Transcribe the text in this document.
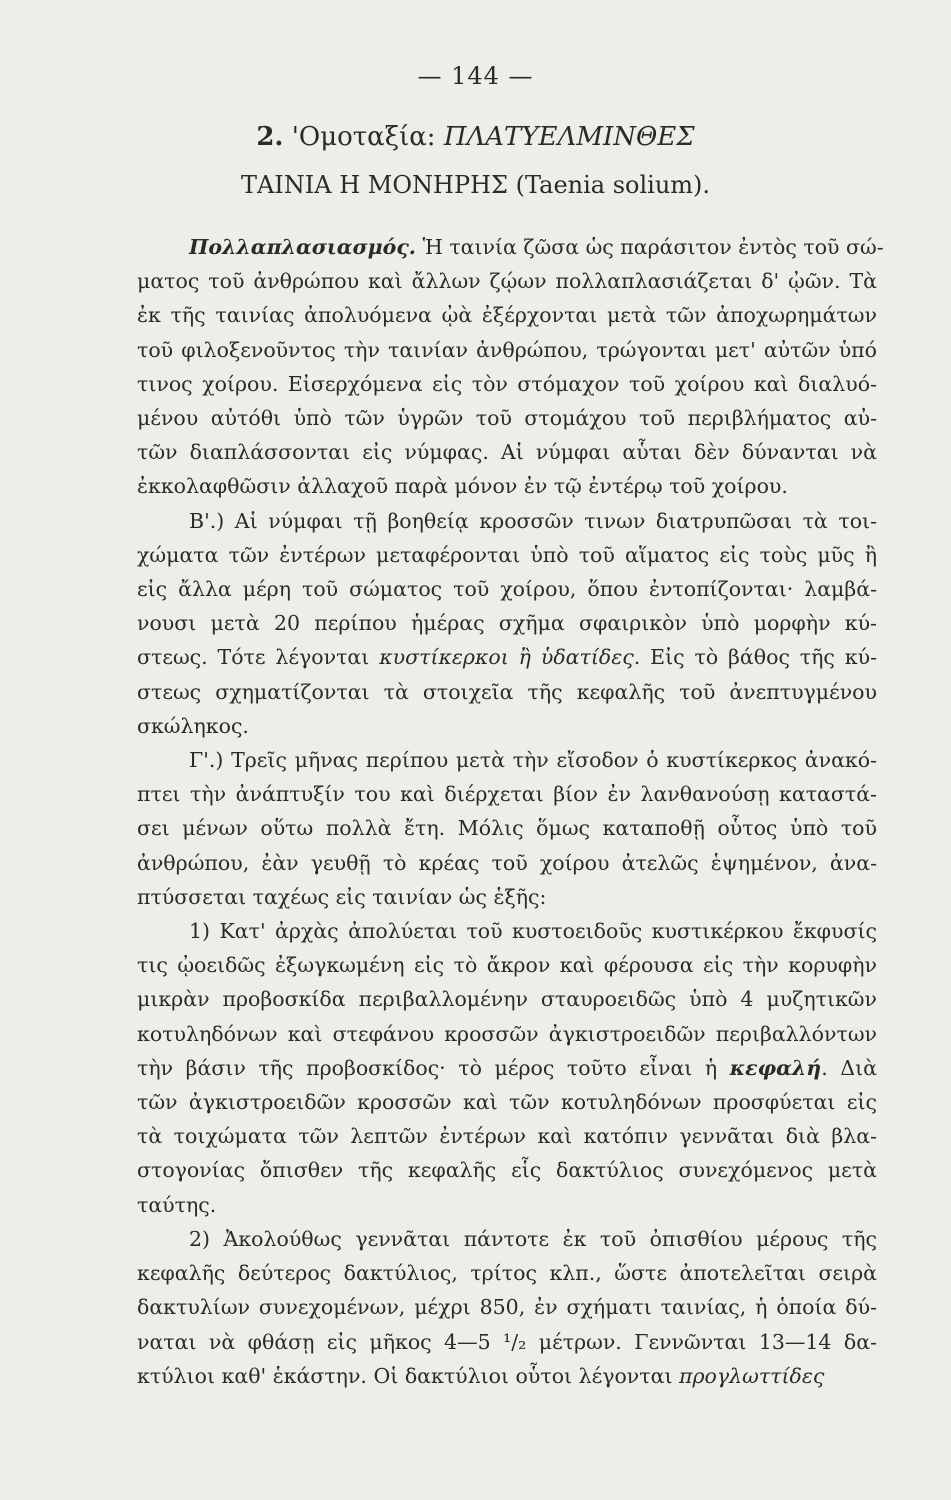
— 144 —
2. 'Ομοταξία: ΠΛΑΤΥΕΛΜΙΝΘΕΣ
ΤΑΙΝΙΑ Η ΜΟΝΗΡΗΣ (Taenia solium).
Πολλαπλασιασμός. Ἡ ταινία ζῶσα ὡς παράσιτον ἐντὸς τοῦ σώ-
ματος τοῦ ἀνθρώπου καὶ ἄλλων ζῴων πολλαπλασιάζεται δ' ᾠῶν. Τὰ
ἐκ τῆς ταινίας ἀπολυόμενα ᾠὰ ἐξέρχονται μετὰ τῶν ἀποχωρημάτων
τοῦ φιλοξενοῦντος τὴν ταινίαν ἀνθρώπου, τρώγονται μετ' αὐτῶν ὑπό
τινος χοίρου. Εἰσερχόμενα εἰς τὸν στόμαχον τοῦ χοίρου καὶ διαλυό-
μένου αὐτόθι ὑπὸ τῶν ὑγρῶν τοῦ στομάχου τοῦ περιβλήματος αὐ-
τῶν διαπλάσσονται εἰς νύμφας. Αἱ νύμφαι αὗται δὲν δύνανται νὰ
ἐκκολαφθῶσιν ἀλλαχοῦ παρὰ μόνον ἐν τῷ ἐντέρῳ τοῦ χοίρου.
Β'.) Αἱ νύμφαι τῇ βοηθείᾳ κροσσῶν τινων διατρυπῶσαι τὰ τοι-
χώματα τῶν ἐντέρων μεταφέρονται ὑπὸ τοῦ αἵματος εἰς τοὺς μῦς ἢ
εἰς ἄλλα μέρη τοῦ σώματος τοῦ χοίρου, ὅπου ἐντοπίζονται· λαμβά-
νουσι μετὰ 20 περίπου ἡμέρας σχῆμα σφαιρικὸν ὑπὸ μορφὴν κύ-
στεως. Τότε λέγονται κυστίκερκοι ἢ ὑδατίδες. Εἰς τὸ βάθος τῆς κύ-
στεως σχηματίζονται τὰ στοιχεῖα τῆς κεφαλῆς τοῦ ἀνεπτυγμένου
σκώληκος.
Γ'.) Τρεῖς μῆνας περίπου μετὰ τὴν εἴσοδον ὁ κυστίκερκος ἀνακό-
πτει τὴν ἀνάπτυξίν του καὶ διέρχεται βίον ἐν λανθανούσῃ καταστά-
σει μένων οὕτω πολλὰ ἔτη. Μόλις ὅμως καταποθῇ οὗτος ὑπὸ τοῦ
ἀνθρώπου, ἐὰν γευθῇ τὸ κρέας τοῦ χοίρου ἀτελῶς ἑψημένον, ἀνα-
πτύσσεται ταχέως εἰς ταινίαν ὡς ἑξῆς:
1) Κατ' ἀρχὰς ἀπολύεται τοῦ κυστοειδοῦς κυστικέρκου ἔκφυσίς
τις ᾠοειδῶς ἐξωγκωμένη εἰς τὸ ἄκρον καὶ φέρουσα εἰς τὴν κορυφὴν
μικρὰν προβοσκίδα περιβαλλομένην σταυροειδῶς ὑπὸ 4 μυζητικῶν
κοτυληδόνων καὶ στεφάνου κροσσῶν ἀγκιστροειδῶν περιβαλλόντων
τὴν βάσιν τῆς προβοσκίδος· τὸ μέρος τοῦτο εἶναι ἡ κεφαλή. Διὰ
τῶν ἀγκιστροειδῶν κροσσῶν καὶ τῶν κοτυληδόνων προσφύεται εἰς
τὰ τοιχώματα τῶν λεπτῶν ἐντέρων καὶ κατόπιν γεννᾶται διὰ βλα-
στογονίας ὄπισθεν τῆς κεφαλῆς εἷς δακτύλιος συνεχόμενος μετὰ
ταύτης.
2) Ἀκολούθως γεννᾶται πάντοτε ἐκ τοῦ ὀπισθίου μέρους τῆς
κεφαλῆς δεύτερος δακτύλιος, τρίτος κλπ., ὥστε ἀποτελεῖται σειρὰ
δακτυλίων συνεχομένων, μέχρι 850, ἐν σχήματι ταινίας, ἡ ὁποία δύ-
ναται νὰ φθάσῃ εἰς μῆκος 4—5 ¹/₂ μέτρων. Γεννῶνται 13—14 δα-
κτύλιοι καθ' ἑκάστην. Οἱ δακτύλιοι οὗτοι λέγονται προγλωττίδες
